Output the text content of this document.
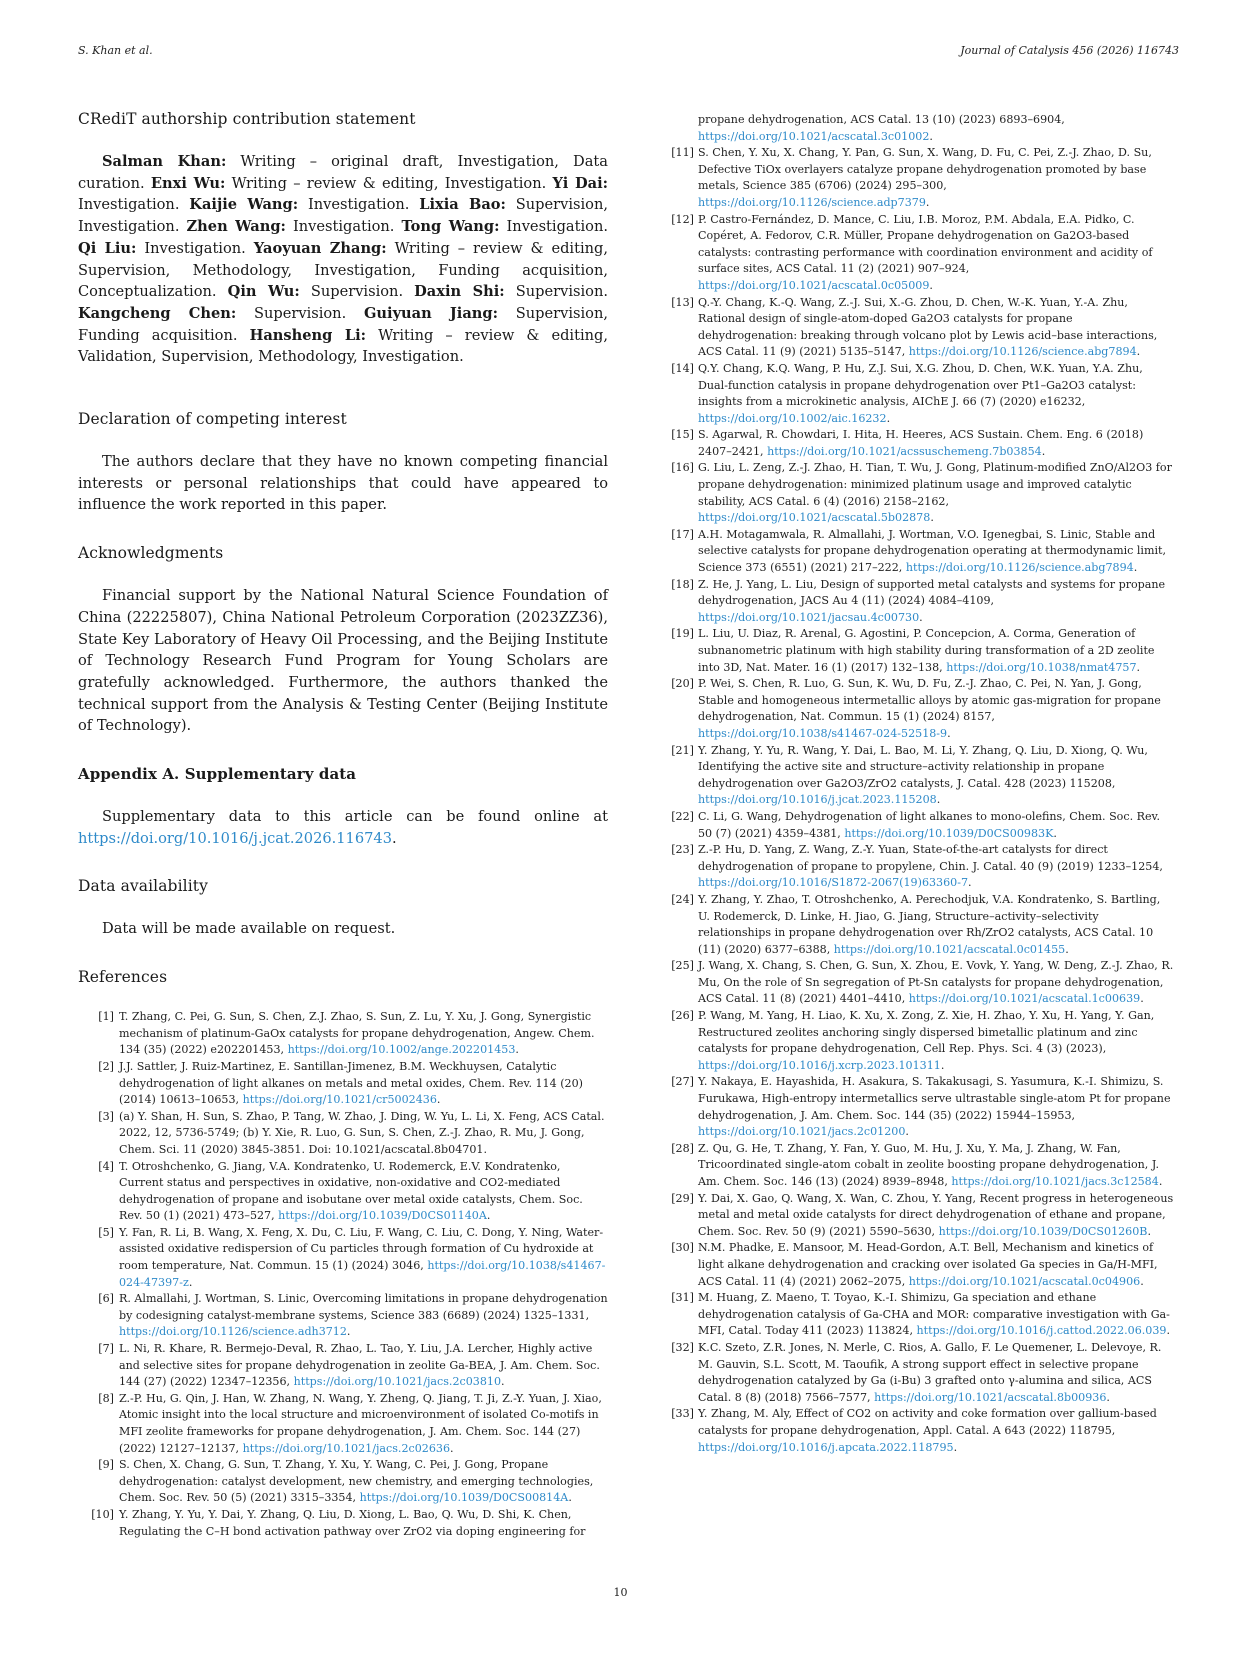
S. Khan et al.	Journal of Catalysis 456 (2026) 116743
CRediT authorship contribution statement

Salman Khan: Writing – original draft, Investigation, Data curation. Enxi Wu: Writing – review & editing, Investigation. Yi Dai: Investigation. Kaijie Wang: Investigation. Lixia Bao: Supervision, Investigation. Zhen Wang: Investigation. Tong Wang: Investigation. Qi Liu: Investigation. Yaoyuan Zhang: Writing – review & editing, Supervision, Methodology, Investigation, Funding acquisition, Conceptualization. Qin Wu: Supervision. Daxin Shi: Supervision. Kangcheng Chen: Supervision. Guiyuan Jiang: Supervision, Funding acquisition. Hansheng Li: Writing – review & editing, Validation, Supervision, Methodology, Investigation.

Declaration of competing interest

The authors declare that they have no known competing financial interests or personal relationships that could have appeared to influence the work reported in this paper.

Acknowledgments

Financial support by the National Natural Science Foundation of China (22225807), China National Petroleum Corporation (2023ZZ36), State Key Laboratory of Heavy Oil Processing, and the Beijing Institute of Technology Research Fund Program for Young Scholars are gratefully acknowledged. Furthermore, the authors thanked the technical support from the Analysis & Testing Center (Beijing Institute of Technology).

Appendix A. Supplementary data

Supplementary data to this article can be found online at https://doi.org/10.1016/j.jcat.2026.116743.

Data availability

Data will be made available on request.

References
[1] T. Zhang, C. Pei, G. Sun, S. Chen, Z.J. Zhao, S. Sun, Z. Lu, Y. Xu, J. Gong, Synergistic mechanism of platinum-GaOx catalysts for propane dehydrogenation, Angew. Chem. 134 (35) (2022) e202201453, https://doi.org/10.1002/ange.202201453.
[2] J.J. Sattler, J. Ruiz-Martinez, E. Santillan-Jimenez, B.M. Weckhuysen, Catalytic dehydrogenation of light alkanes on metals and metal oxides, Chem. Rev. 114 (20) (2014) 10613–10653, https://doi.org/10.1021/cr5002436.
[3] (a) Y. Shan, H. Sun, S. Zhao, P. Tang, W. Zhao, J. Ding, W. Yu, L. Li, X. Feng, ACS Catal. 2022, 12, 5736-5749; (b) Y. Xie, R. Luo, G. Sun, S. Chen, Z.-J. Zhao, R. Mu, J. Gong, Chem. Sci. 11 (2020) 3845-3851. Doi: 10.1021/acscatal.8b04701.
[4] T. Otroshchenko, G. Jiang, V.A. Kondratenko, U. Rodemerck, E.V. Kondratenko, Current status and perspectives in oxidative, non-oxidative and CO2-mediated dehydrogenation of propane and isobutane over metal oxide catalysts, Chem. Soc. Rev. 50 (1) (2021) 473–527, https://doi.org/10.1039/D0CS01140A.
[5] Y. Fan, R. Li, B. Wang, X. Feng, X. Du, C. Liu, F. Wang, C. Liu, C. Dong, Y. Ning, Water-assisted oxidative redispersion of Cu particles through formation of Cu hydroxide at room temperature, Nat. Commun. 15 (1) (2024) 3046, https://doi.org/10.1038/s41467-024-47397-z.
[6] R. Almallahi, J. Wortman, S. Linic, Overcoming limitations in propane dehydrogenation by codesigning catalyst-membrane systems, Science 383 (6689) (2024) 1325–1331, https://doi.org/10.1126/science.adh3712.
[7] L. Ni, R. Khare, R. Bermejo-Deval, R. Zhao, L. Tao, Y. Liu, J.A. Lercher, Highly active and selective sites for propane dehydrogenation in zeolite Ga-BEA, J. Am. Chem. Soc. 144 (27) (2022) 12347–12356, https://doi.org/10.1021/jacs.2c03810.
[8] Z.-P. Hu, G. Qin, J. Han, W. Zhang, N. Wang, Y. Zheng, Q. Jiang, T. Ji, Z.-Y. Yuan, J. Xiao, Atomic insight into the local structure and microenvironment of isolated Co-motifs in MFI zeolite frameworks for propane dehydrogenation, J. Am. Chem. Soc. 144 (27) (2022) 12127–12137, https://doi.org/10.1021/jacs.2c02636.
[9] S. Chen, X. Chang, G. Sun, T. Zhang, Y. Xu, Y. Wang, C. Pei, J. Gong, Propane dehydrogenation: catalyst development, new chemistry, and emerging technologies, Chem. Soc. Rev. 50 (5) (2021) 3315–3354, https://doi.org/10.1039/D0CS00814A.
[10] Y. Zhang, Y. Yu, Y. Dai, Y. Zhang, Q. Liu, D. Xiong, L. Bao, Q. Wu, D. Shi, K. Chen, Regulating the C–H bond activation pathway over ZrO2 via doping engineering for
propane dehydrogenation, ACS Catal. 13 (10) (2023) 6893–6904, https://doi.org/10.1021/acscatal.3c01002.
[11] S. Chen, Y. Xu, X. Chang, Y. Pan, G. Sun, X. Wang, D. Fu, C. Pei, Z.-J. Zhao, D. Su, Defective TiOx overlayers catalyze propane dehydrogenation promoted by base metals, Science 385 (6706) (2024) 295–300, https://doi.org/10.1126/science.adp7379.
[12] P. Castro-Fernández, D. Mance, C. Liu, I.B. Moroz, P.M. Abdala, E.A. Pidko, C. Copéret, A. Fedorov, C.R. Müller, Propane dehydrogenation on Ga2O3-based catalysts: contrasting performance with coordination environment and acidity of surface sites, ACS Catal. 11 (2) (2021) 907–924, https://doi.org/10.1021/acscatal.0c05009.
[13] Q.-Y. Chang, K.-Q. Wang, Z.-J. Sui, X.-G. Zhou, D. Chen, W.-K. Yuan, Y.-A. Zhu, Rational design of single-atom-doped Ga2O3 catalysts for propane dehydrogenation: breaking through volcano plot by Lewis acid–base interactions, ACS Catal. 11 (9) (2021) 5135–5147, https://doi.org/10.1126/science.abg7894.
[14] Q.Y. Chang, K.Q. Wang, P. Hu, Z.J. Sui, X.G. Zhou, D. Chen, W.K. Yuan, Y.A. Zhu, Dual-function catalysis in propane dehydrogenation over Pt1–Ga2O3 catalyst: insights from a microkinetic analysis, AIChE J. 66 (7) (2020) e16232, https://doi.org/10.1002/aic.16232.
[15] S. Agarwal, R. Chowdari, I. Hita, H. Heeres, ACS Sustain. Chem. Eng. 6 (2018) 2407–2421, https://doi.org/10.1021/acssuschemeng.7b03854.
[16] G. Liu, L. Zeng, Z.-J. Zhao, H. Tian, T. Wu, J. Gong, Platinum-modified ZnO/Al2O3 for propane dehydrogenation: minimized platinum usage and improved catalytic stability, ACS Catal. 6 (4) (2016) 2158–2162, https://doi.org/10.1021/acscatal.5b02878.
[17] A.H. Motagamwala, R. Almallahi, J. Wortman, V.O. Igenegbai, S. Linic, Stable and selective catalysts for propane dehydrogenation operating at thermodynamic limit, Science 373 (6551) (2021) 217–222, https://doi.org/10.1126/science.abg7894.
[18] Z. He, J. Yang, L. Liu, Design of supported metal catalysts and systems for propane dehydrogenation, JACS Au 4 (11) (2024) 4084–4109, https://doi.org/10.1021/jacsau.4c00730.
[19] L. Liu, U. Diaz, R. Arenal, G. Agostini, P. Concepcion, A. Corma, Generation of subnanometric platinum with high stability during transformation of a 2D zeolite into 3D, Nat. Mater. 16 (1) (2017) 132–138, https://doi.org/10.1038/nmat4757.
[20] P. Wei, S. Chen, R. Luo, G. Sun, K. Wu, D. Fu, Z.-J. Zhao, C. Pei, N. Yan, J. Gong, Stable and homogeneous intermetallic alloys by atomic gas-migration for propane dehydrogenation, Nat. Commun. 15 (1) (2024) 8157, https://doi.org/10.1038/s41467-024-52518-9.
[21] Y. Zhang, Y. Yu, R. Wang, Y. Dai, L. Bao, M. Li, Y. Zhang, Q. Liu, D. Xiong, Q. Wu, Identifying the active site and structure–activity relationship in propane dehydrogenation over Ga2O3/ZrO2 catalysts, J. Catal. 428 (2023) 115208, https://doi.org/10.1016/j.jcat.2023.115208.
[22] C. Li, G. Wang, Dehydrogenation of light alkanes to mono-olefins, Chem. Soc. Rev. 50 (7) (2021) 4359–4381, https://doi.org/10.1039/D0CS00983K.
[23] Z.-P. Hu, D. Yang, Z. Wang, Z.-Y. Yuan, State-of-the-art catalysts for direct dehydrogenation of propane to propylene, Chin. J. Catal. 40 (9) (2019) 1233–1254, https://doi.org/10.1016/S1872-2067(19)63360-7.
[24] Y. Zhang, Y. Zhao, T. Otroshchenko, A. Perechodjuk, V.A. Kondratenko, S. Bartling, U. Rodemerck, D. Linke, H. Jiao, G. Jiang, Structure–activity–selectivity relationships in propane dehydrogenation over Rh/ZrO2 catalysts, ACS Catal. 10 (11) (2020) 6377–6388, https://doi.org/10.1021/acscatal.0c01455.
[25] J. Wang, X. Chang, S. Chen, G. Sun, X. Zhou, E. Vovk, Y. Yang, W. Deng, Z.-J. Zhao, R. Mu, On the role of Sn segregation of Pt-Sn catalysts for propane dehydrogenation, ACS Catal. 11 (8) (2021) 4401–4410, https://doi.org/10.1021/acscatal.1c00639.
[26] P. Wang, M. Yang, H. Liao, K. Xu, X. Zong, Z. Xie, H. Zhao, Y. Xu, H. Yang, Y. Gan, Restructured zeolites anchoring singly dispersed bimetallic platinum and zinc catalysts for propane dehydrogenation, Cell Rep. Phys. Sci. 4 (3) (2023), https://doi.org/10.1016/j.xcrp.2023.101311.
[27] Y. Nakaya, E. Hayashida, H. Asakura, S. Takakusagi, S. Yasumura, K.-I. Shimizu, S. Furukawa, High-entropy intermetallics serve ultrastable single-atom Pt for propane dehydrogenation, J. Am. Chem. Soc. 144 (35) (2022) 15944–15953, https://doi.org/10.1021/jacs.2c01200.
[28] Z. Qu, G. He, T. Zhang, Y. Fan, Y. Guo, M. Hu, J. Xu, Y. Ma, J. Zhang, W. Fan, Tricoordinated single-atom cobalt in zeolite boosting propane dehydrogenation, J. Am. Chem. Soc. 146 (13) (2024) 8939–8948, https://doi.org/10.1021/jacs.3c12584.
[29] Y. Dai, X. Gao, Q. Wang, X. Wan, C. Zhou, Y. Yang, Recent progress in heterogeneous metal and metal oxide catalysts for direct dehydrogenation of ethane and propane, Chem. Soc. Rev. 50 (9) (2021) 5590–5630, https://doi.org/10.1039/D0CS01260B.
[30] N.M. Phadke, E. Mansoor, M. Head-Gordon, A.T. Bell, Mechanism and kinetics of light alkane dehydrogenation and cracking over isolated Ga species in Ga/H-MFI, ACS Catal. 11 (4) (2021) 2062–2075, https://doi.org/10.1021/acscatal.0c04906.
[31] M. Huang, Z. Maeno, T. Toyao, K.-I. Shimizu, Ga speciation and ethane dehydrogenation catalysis of Ga-CHA and MOR: comparative investigation with Ga-MFI, Catal. Today 411 (2023) 113824, https://doi.org/10.1016/j.cattod.2022.06.039.
[32] K.C. Szeto, Z.R. Jones, N. Merle, C. Rios, A. Gallo, F. Le Quemener, L. Delevoye, R. M. Gauvin, S.L. Scott, M. Taoufik, A strong support effect in selective propane dehydrogenation catalyzed by Ga (i-Bu) 3 grafted onto γ-alumina and silica, ACS Catal. 8 (8) (2018) 7566–7577, https://doi.org/10.1021/acscatal.8b00936.
[33] Y. Zhang, M. Aly, Effect of CO2 on activity and coke formation over gallium-based catalysts for propane dehydrogenation, Appl. Catal. A 643 (2022) 118795, https://doi.org/10.1016/j.apcata.2022.118795.
10
